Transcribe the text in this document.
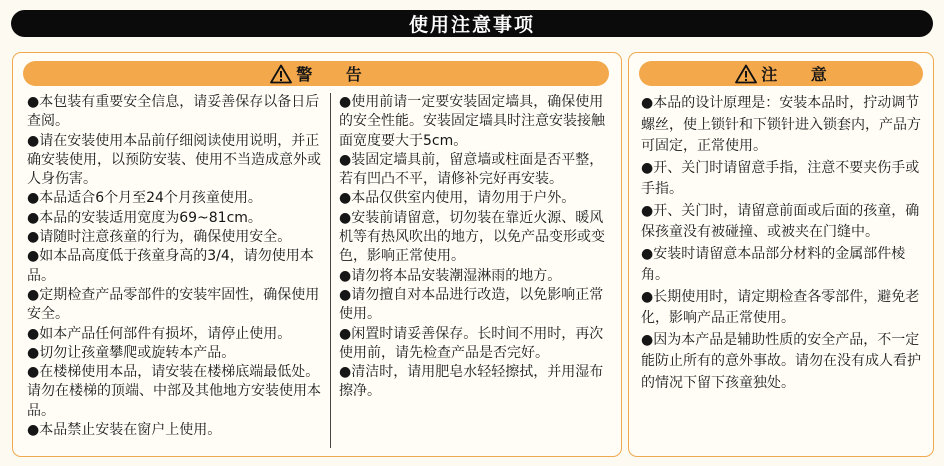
使用注意事项
警 告

●本包装有重要安全信息，请妥善保存以备日后查阅。

●请在安装使用本品前仔细阅读使用说明，并正确安装使用，以预防安装、使用不当造成意外或人身伤害。

●本品适合6个月至24个月孩童使用。

●本品的安装适用宽度为69~81cm。

●请随时注意孩童的行为，确保使用安全。

●如本品高度低于孩童身高的3/4，请勿使用本品。

●定期检查产品零部件的安装牢固性，确保使用安全。

●如本产品任何部件有损坏，请停止使用。

●切勿让孩童攀爬或旋转本产品。

●在楼梯使用本品，请安装在楼梯底端最低处。请勿在楼梯的顶端、中部及其他地方安装使用本品。

●本品禁止安装在窗户上使用。

●使用前请一定要安装固定墙具，确保使用的安全性能。安装固定墙具时注意安装接触面宽度要大于5cm。

●装固定墙具前，留意墙或柱面是否平整，若有凹凸不平，请修补完好再安装。

●本品仅供室内使用，请勿用于户外。

●安装前请留意，切勿装在靠近火源、暖风机等有热风吹出的地方，以免产品变形或变色，影响正常使用。

●请勿将本品安装潮湿淋雨的地方。

●请勿擅自对本品进行改造，以免影响正常使用。

●闲置时请妥善保存。长时间不用时，再次使用前，请先检查产品是否完好。

●清洁时，请用肥皂水轻轻擦拭，并用湿布擦净。

注 意

●本品的设计原理是：安装本品时，拧动调节螺丝，使上锁针和下锁针进入锁套内，产品方可固定，正常使用。

●开、关门时请留意手指，注意不要夹伤手或手指。

●开、关门时，请留意前面或后面的孩童，确保孩童没有被碰撞、或被夹在门缝中。

●安装时请留意本品部分材料的金属部件棱角。

●长期使用时，请定期检查各零部件，避免老化，影响产品正常使用。

●因为本产品是辅助性质的安全产品，不一定能防止所有的意外事故。请勿在没有成人看护的情况下留下孩童独处。
